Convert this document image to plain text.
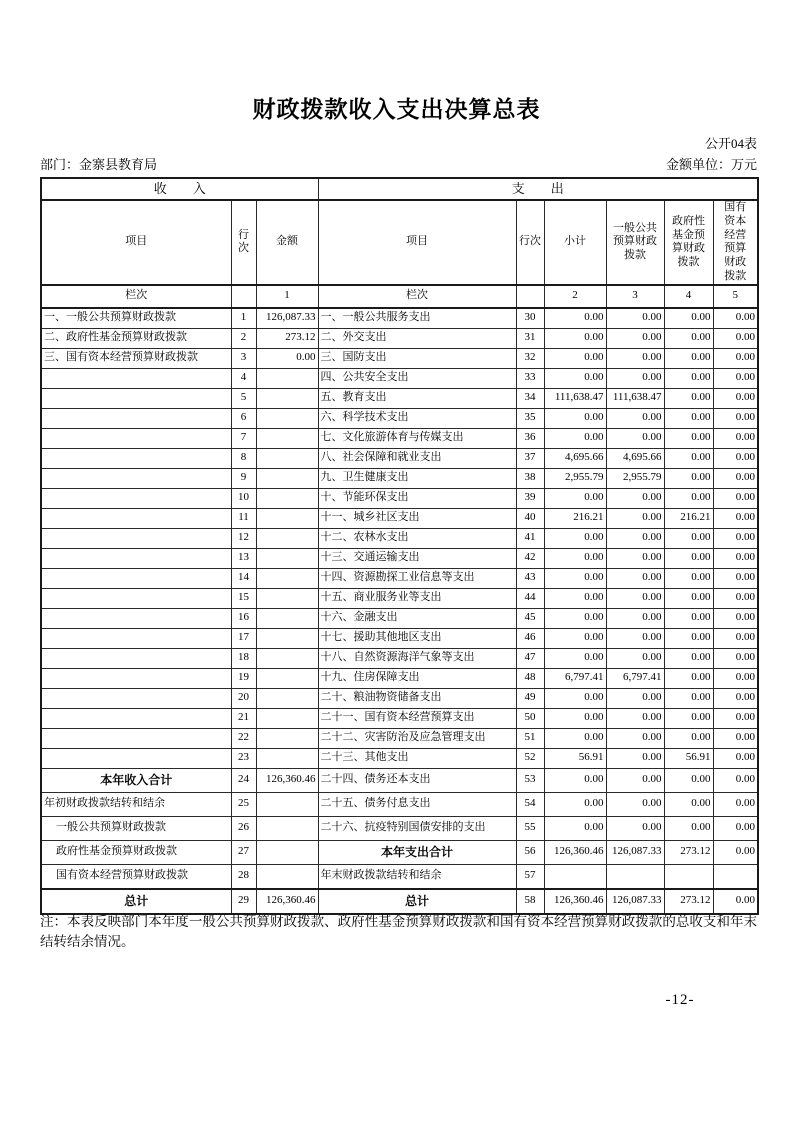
财政拨款收入支出决算总表
公开04表
部门：金寨县教育局	金额单位：万元
收　　入			支　　出					
项目	行次	金额	项目	行次	小计	一般公共预算财政拨款	政府性基金预算财政拨款	国有资本经营预算财政拨款
栏次		1	栏次		2	3	4	5
一、一般公共预算财政拨款	1	126,087.33	一、一般公共服务支出	30	0.00	0.00	0.00	0.00
二、政府性基金预算财政拨款	2	273.12	二、外交支出	31	0.00	0.00	0.00	0.00
三、国有资本经营预算财政拨款	3	0.00	三、国防支出	32	0.00	0.00	0.00	0.00
	4		四、公共安全支出	33	0.00	0.00	0.00	0.00
	5		五、教育支出	34	111,638.47	111,638.47	0.00	0.00
	6		六、科学技术支出	35	0.00	0.00	0.00	0.00
	7		七、文化旅游体育与传媒支出	36	0.00	0.00	0.00	0.00
	8		八、社会保障和就业支出	37	4,695.66	4,695.66	0.00	0.00
	9		九、卫生健康支出	38	2,955.79	2,955.79	0.00	0.00
	10		十、节能环保支出	39	0.00	0.00	0.00	0.00
	11		十一、城乡社区支出	40	216.21	0.00	216.21	0.00
	12		十二、农林水支出	41	0.00	0.00	0.00	0.00
	13		十三、交通运输支出	42	0.00	0.00	0.00	0.00
	14		十四、资源勘探工业信息等支出	43	0.00	0.00	0.00	0.00
	15		十五、商业服务业等支出	44	0.00	0.00	0.00	0.00
	16		十六、金融支出	45	0.00	0.00	0.00	0.00
	17		十七、援助其他地区支出	46	0.00	0.00	0.00	0.00
	18		十八、自然资源海洋气象等支出	47	0.00	0.00	0.00	0.00
	19		十九、住房保障支出	48	6,797.41	6,797.41	0.00	0.00
	20		二十、粮油物资储备支出	49	0.00	0.00	0.00	0.00
	21		二十一、国有资本经营预算支出	50	0.00	0.00	0.00	0.00
	22		二十二、灾害防治及应急管理支出	51	0.00	0.00	0.00	0.00
	23		二十三、其他支出	52	56.91	0.00	56.91	0.00
本年收入合计	24	126,360.46	二十四、债务还本支出	53	0.00	0.00	0.00	0.00
年初财政拨款结转和结余	25		二十五、债务付息支出	54	0.00	0.00	0.00	0.00
一般公共预算财政拨款	26		二十六、抗疫特别国债安排的支出	55	0.00	0.00	0.00	0.00
政府性基金预算财政拨款	27		本年支出合计	56	126,360.46	126,087.33	273.12	0.00
国有资本经营预算财政拨款	28		年末财政拨款结转和结余	57				
总计	29	126,360.46	总计	58	126,360.46	126,087.33	273.12	0.00
注：本表反映部门本年度一般公共预算财政拨款、政府性基金预算财政拨款和国有资本经营预算财政拨款的总收支和年末结转结余情况。
-12-
